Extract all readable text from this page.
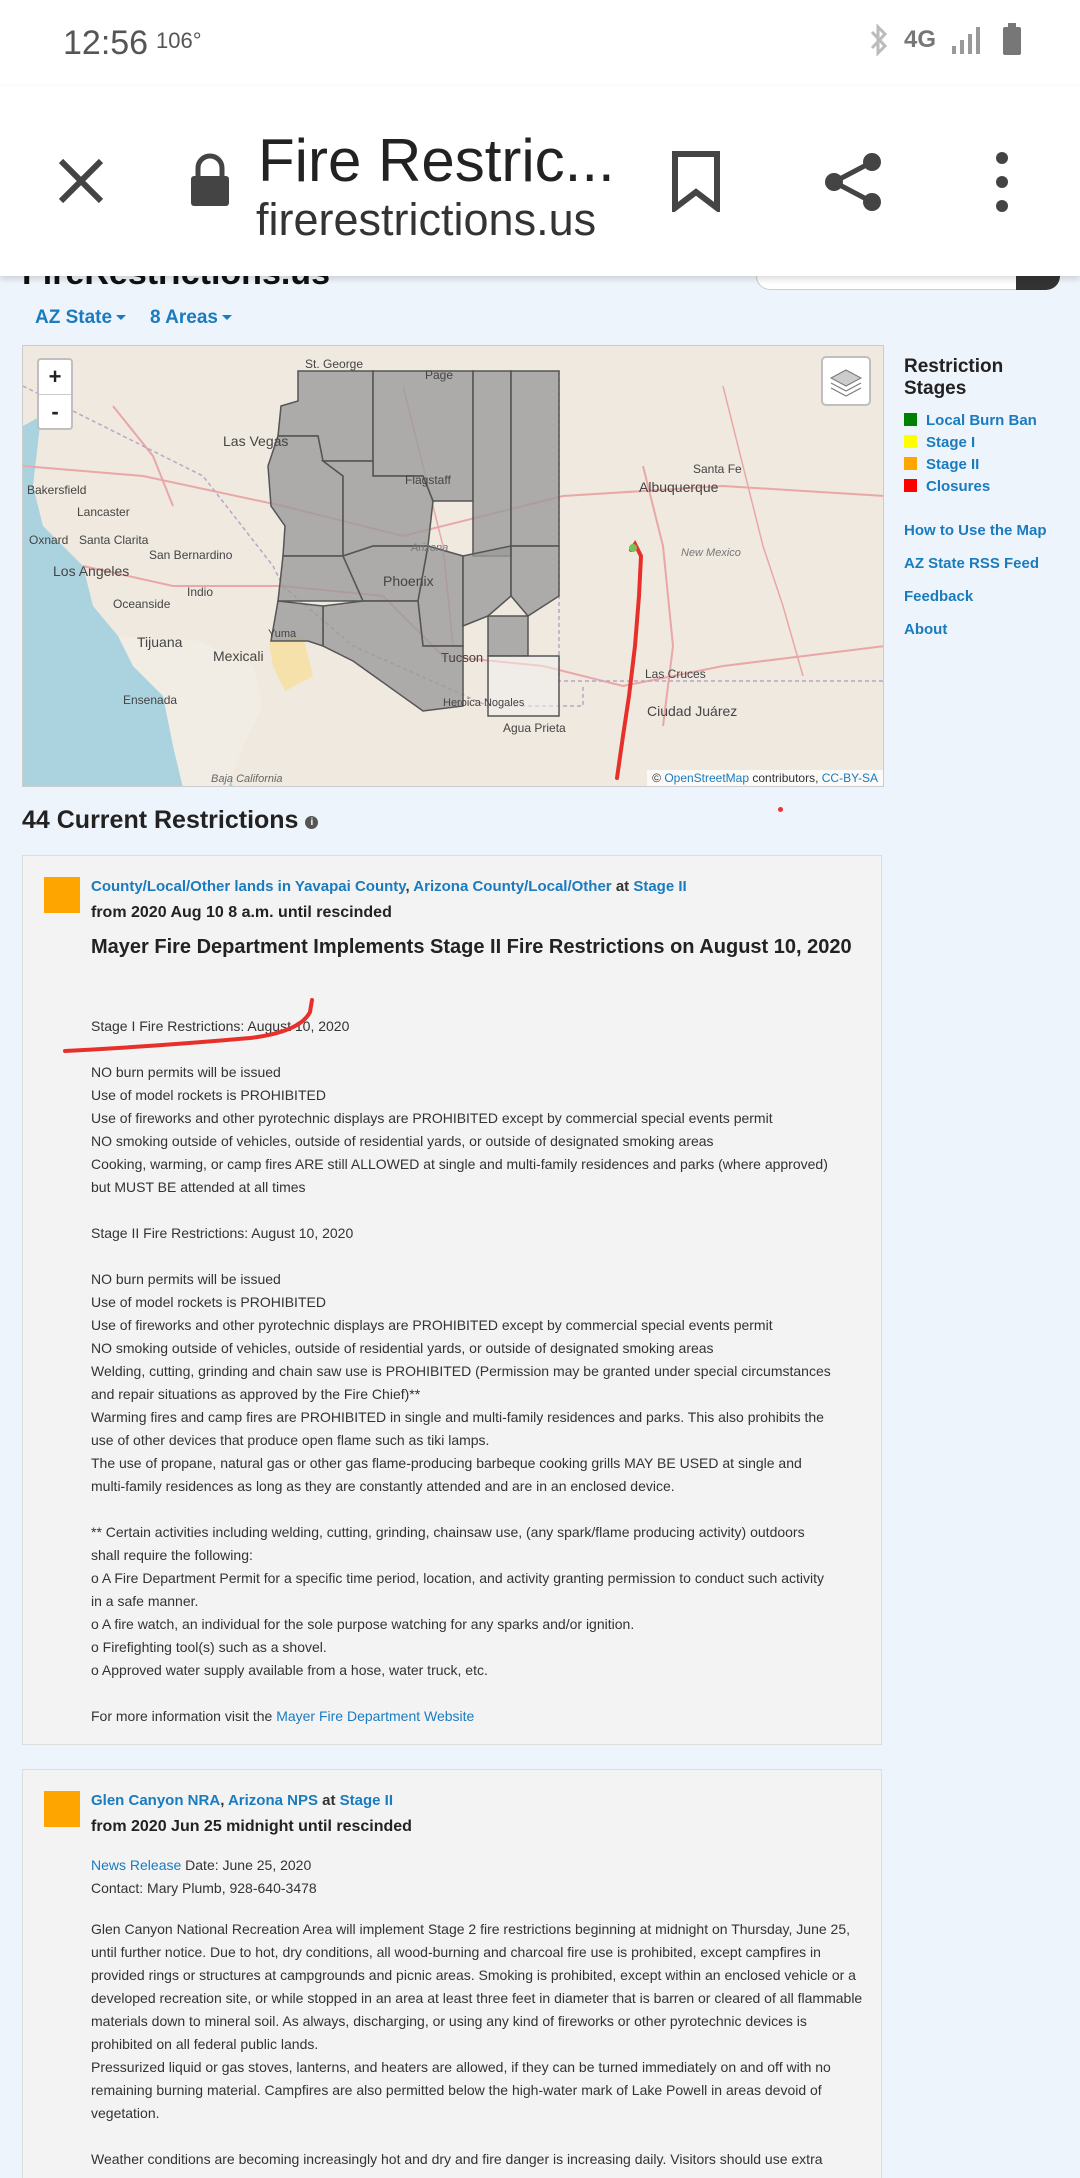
12:56 106°	4G
Fire Restric...
firerestrictions.us
AZ State	8 Areas
St. George
Page
Las Vegas
Flagstaff
Bakersfield
Lancaster
Santa Clarita
Oxnard
San Bernardino
Los Angeles
Arizona
Indio
Oceanside
Phoenix
Tijuana	Yuma
Mexicali	Tucson
Ensenada	Heroica Nogales
Agua Prieta
Baja California
Albuquerque
Santa Fe
New Mexico
Las Cruces
Ciudad Juárez
+
-
© OpenStreetMap contributors, CC-BY-SA
Restriction Stages
Local Burn Ban
Stage I
Stage II
Closures
How to Use the Map
AZ State RSS Feed
Feedback
About
44 Current Restrictions i
County/Local/Other lands in Yavapai County, Arizona County/Local/Other at Stage II
from 2020 Aug 10 8 a.m. until rescinded
Mayer Fire Department Implements Stage II Fire Restrictions on August 10, 2020
Stage I Fire Restrictions: August 10, 2020
NO burn permits will be issued
Use of model rockets is PROHIBITED
Use of fireworks and other pyrotechnic displays are PROHIBITED except by commercial special events permit
NO smoking outside of vehicles, outside of residential yards, or outside of designated smoking areas
Cooking, warming, or camp fires ARE still ALLOWED at single and multi-family residences and parks (where approved)
but MUST BE attended at all times
Stage II Fire Restrictions: August 10, 2020
NO burn permits will be issued
Use of model rockets is PROHIBITED
Use of fireworks and other pyrotechnic displays are PROHIBITED except by commercial special events permit
NO smoking outside of vehicles, outside of residential yards, or outside of designated smoking areas
Welding, cutting, grinding and chain saw use is PROHIBITED (Permission may be granted under special circumstances
and repair situations as approved by the Fire Chief)**
Warming fires and camp fires are PROHIBITED in single and multi-family residences and parks. This also prohibits the
use of other devices that produce open flame such as tiki lamps.
The use of propane, natural gas or other gas flame-producing barbeque cooking grills MAY BE USED at single and
multi-family residences as long as they are constantly attended and are in an enclosed device.
** Certain activities including welding, cutting, grinding, chainsaw use, (any spark/flame producing activity) outdoors
shall require the following:
o A Fire Department Permit for a specific time period, location, and activity granting permission to conduct such activity
in a safe manner.
o A fire watch, an individual for the sole purpose watching for any sparks and/or ignition.
o Firefighting tool(s) such as a shovel.
o Approved water supply available from a hose, water truck, etc.
For more information visit the Mayer Fire Department Website
Glen Canyon NRA, Arizona NPS at Stage II
from 2020 Jun 25 midnight until rescinded
News Release Date: June 25, 2020
Contact: Mary Plumb, 928-640-3478
Glen Canyon National Recreation Area will implement Stage 2 fire restrictions beginning at midnight on Thursday, June 25, until further notice. Due to hot, dry conditions, all wood-burning and charcoal fire use is prohibited, except campfires in provided rings or structures at campgrounds and picnic areas. Smoking is prohibited, except within an enclosed vehicle or a developed recreation site, or while stopped in an area at least three feet in diameter that is barren or cleared of all flammable materials down to mineral soil. As always, discharging, or using any kind of fireworks or other pyrotechnic devices is prohibited on all federal public lands.
Pressurized liquid or gas stoves, lanterns, and heaters are allowed, if they can be turned immediately on and off with no remaining burning material. Campfires are also permitted below the high-water mark of Lake Powell in areas devoid of vegetation.
Weather conditions are becoming increasingly hot and dry and fire danger is increasing daily. Visitors should use extra
